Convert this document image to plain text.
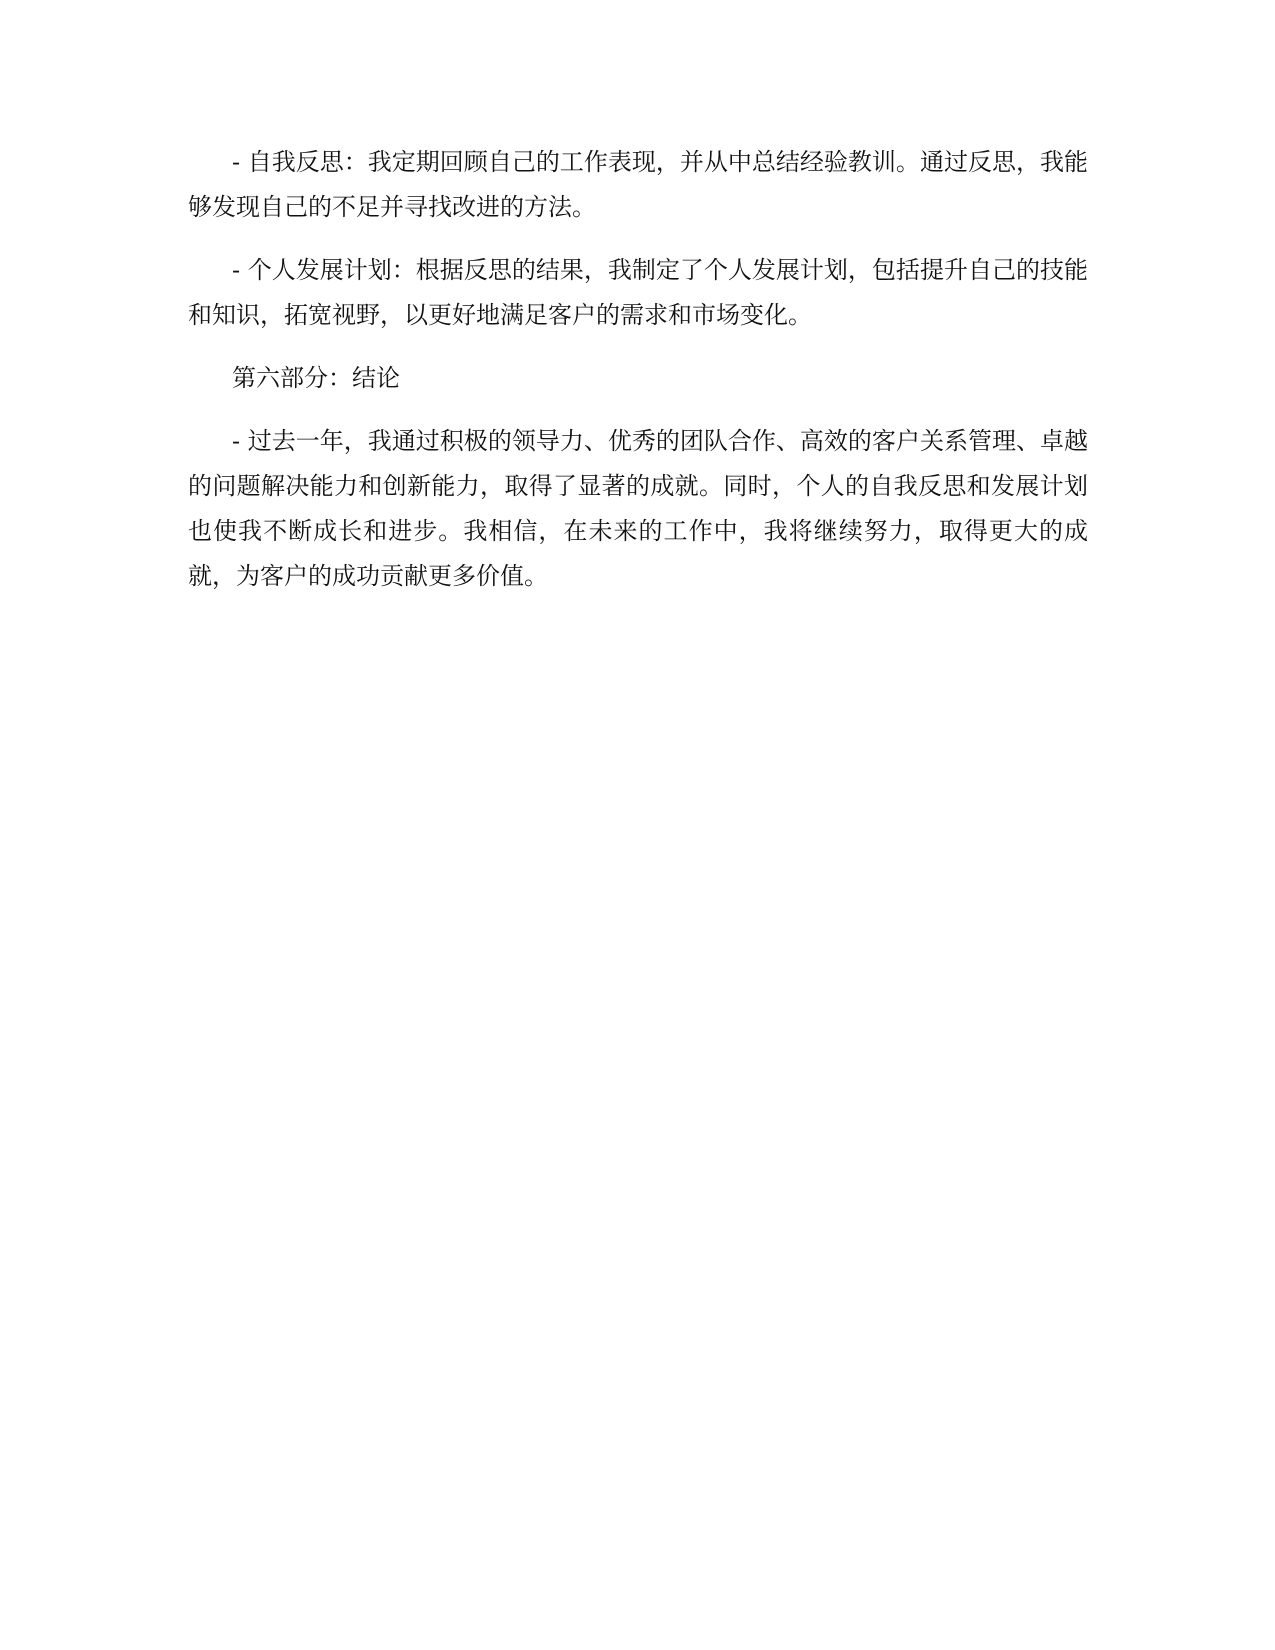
- 自我反思：我定期回顾自己的工作表现，并从中总结经验教训。通过反思，我能够发现自己的不足并寻找改进的方法。

- 个人发展计划：根据反思的结果，我制定了个人发展计划，包括提升自己的技能和知识，拓宽视野，以更好地满足客户的需求和市场变化。

第六部分：结论

- 过去一年，我通过积极的领导力、优秀的团队合作、高效的客户关系管理、卓越的问题解决能力和创新能力，取得了显著的成就。同时，个人的自我反思和发展计划也使我不断成长和进步。我相信，在未来的工作中，我将继续努力，取得更大的成就，为客户的成功贡献更多价值。
